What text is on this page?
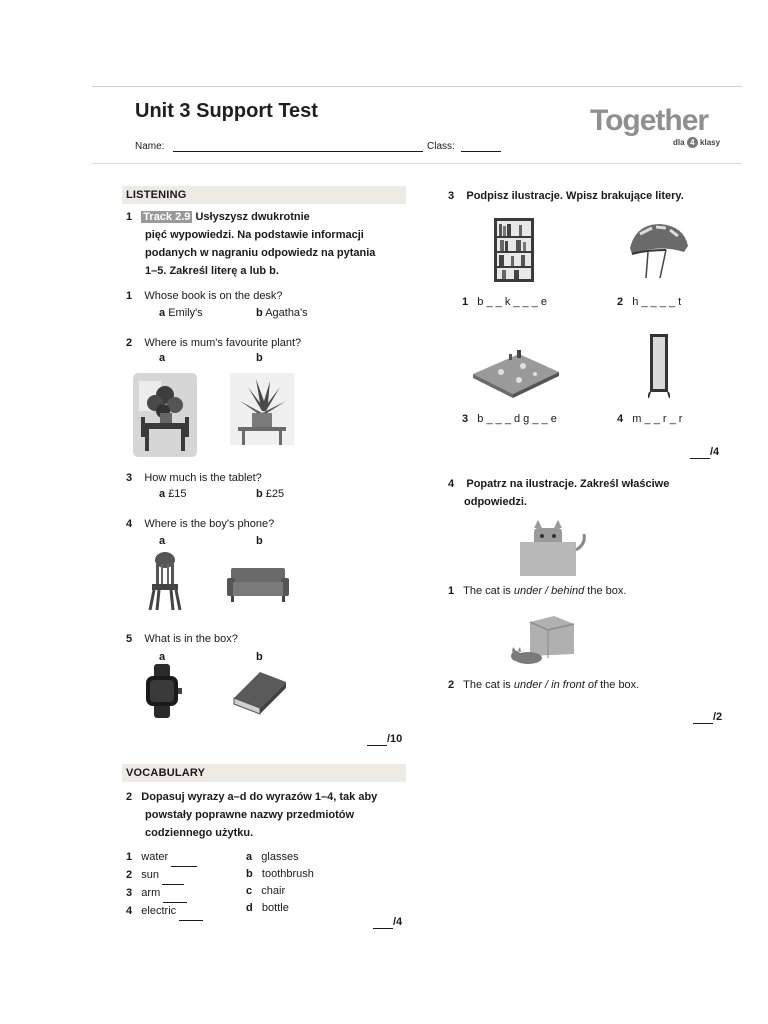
Unit 3 Support Test
Name:	Class:
Together
dla 4 klasy
LISTENING
1 Track 2.9 Usłyszysz dwukrotnie
pięć wypowiedzi. Na podstawie informacji
podanych w nagraniu odpowiedz na pytania
1–5. Zakreśl literę a lub b.
1 Whose book is on the desk?
a Emily's	b Agatha's
2 Where is mum's favourite plant?
a	b
3 How much is the tablet?
a £15	b £25
4 Where is the boy's phone?
a	b
5 What is in the box?
a	b
/10
VOCABULARY
2 Dopasuj wyrazy a–d do wyrazów 1–4, tak aby
powstały poprawne nazwy przedmiotów
codziennego użytku.
1 water
2 sun
3 arm
4 electric
a glasses
b toothbrush
c chair
d bottle
/4
3 Podpisz ilustracje. Wpisz brakujące litery.
1 b _ _ k _ _ _ e	2 h _ _ _ _ t
3 b _ _ _ d g _ _ e	4 m _ _ r _ r
/4
4 Popatrz na ilustracje. Zakreśl właściwe
odpowiedzi.
1 The cat is under / behind the box.
2 The cat is under / in front of the box.
/2
